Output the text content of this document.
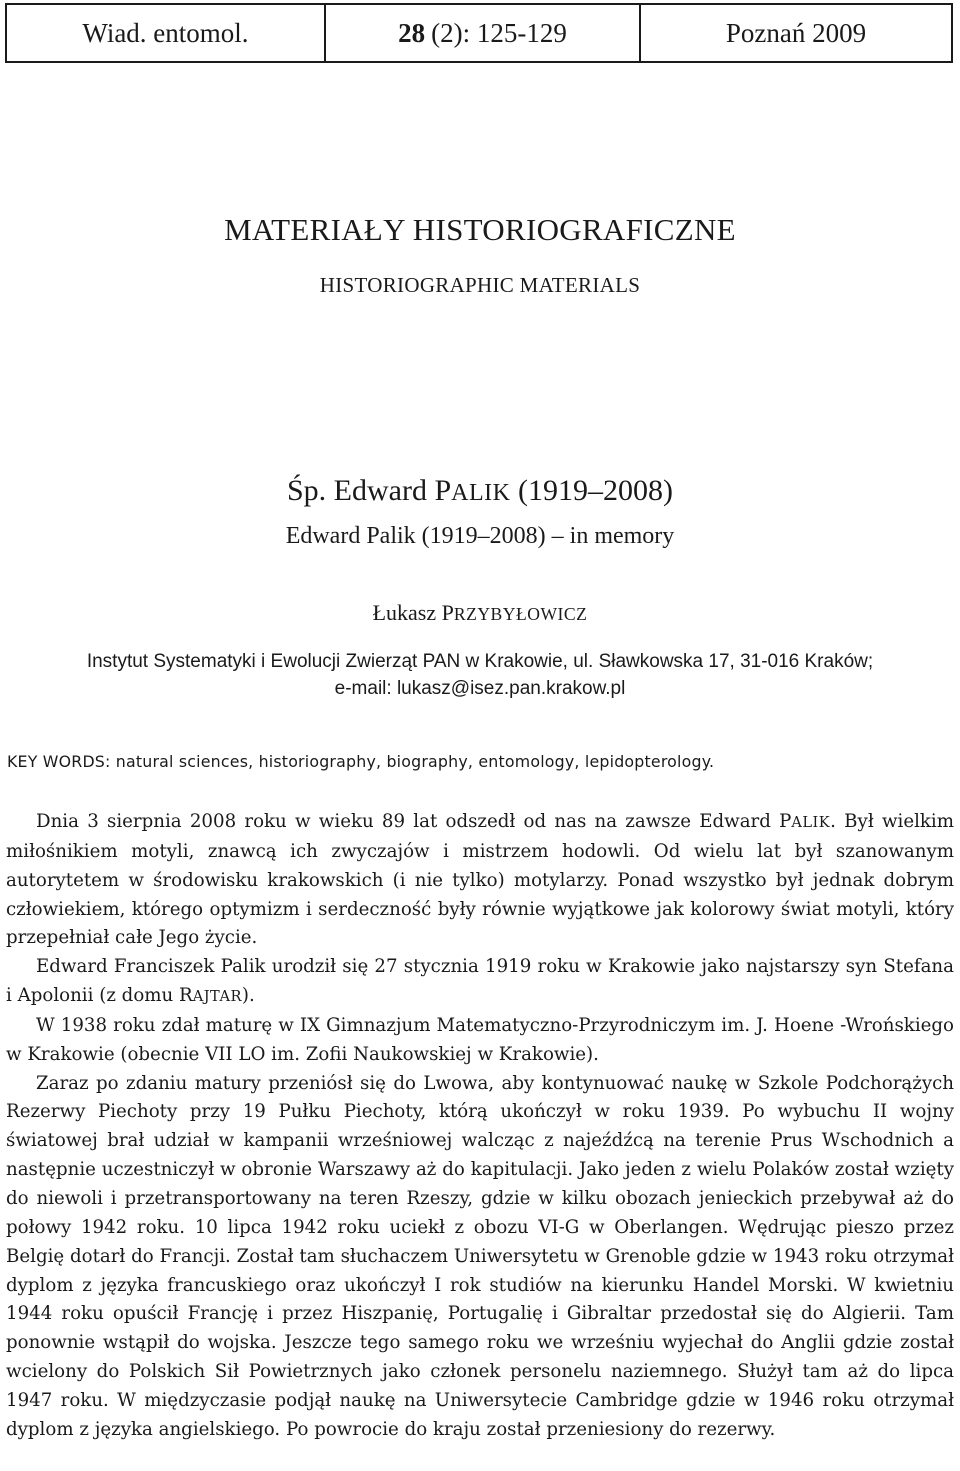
Wiad. entomol.	28 (2): 125-129	Poznań 2009
MATERIAŁY HISTORIOGRAFICZNE
HISTORIOGRAPHIC MATERIALS
Śp. Edward PALIK (1919–2008)
Edward Palik (1919–2008) – in memory
Łukasz PRZYBYŁOWICZ
Instytut Systematyki i Ewolucji Zwierząt PAN w Krakowie, ul. Sławkowska 17, 31-016 Kraków;
e-mail: lukasz@isez.pan.krakow.pl
KEY WORDS: natural sciences, historiography, biography, entomology, lepidopterology.

Dnia 3 sierpnia 2008 roku w wieku 89 lat odszedł od nas na zawsze Edward PALIK. Był wielkim miłośnikiem motyli, znawcą ich zwyczajów i mistrzem hodowli. Od wielu lat był szanowanym autorytetem w środowisku krakowskich (i nie tylko) motylarzy. Ponad wszystko był jednak dobrym człowiekiem, którego optymizm i serdeczność były równie wyjątkowe jak kolorowy świat motyli, który przepełniał całe Jego życie.

Edward Franciszek Palik urodził się 27 stycznia 1919 roku w Krakowie jako najstarszy syn Stefana i Apolonii (z domu RAJTAR).

W 1938 roku zdał maturę w IX Gimnazjum Matematyczno-Przyrodniczym im. J. Hoene -Wrońskiego w Krakowie (obecnie VII LO im. Zofii Naukowskiej w Krakowie).

Zaraz po zdaniu matury przeniósł się do Lwowa, aby kontynuować naukę w Szkole Podchorążych Rezerwy Piechoty przy 19 Pułku Piechoty, którą ukończył w roku 1939. Po wybuchu II wojny światowej brał udział w kampanii wrześniowej walcząc z najeźdźcą na terenie Prus Wschodnich a następnie uczestniczył w obronie Warszawy aż do kapitulacji. Jako jeden z wielu Polaków został wzięty do niewoli i przetransportowany na teren Rzeszy, gdzie w kilku obozach jenieckich przebywał aż do połowy 1942 roku. 10 lipca 1942 roku uciekł z obozu VI-G w Oberlangen. Wędrując pieszo przez Belgię dotarł do Francji. Został tam słuchaczem Uniwersytetu w Grenoble gdzie w 1943 roku otrzymał dyplom z języka francuskiego oraz ukończył I rok studiów na kierunku Handel Morski. W kwietniu 1944 roku opuścił Francję i przez Hiszpanię, Portugalię i Gibraltar przedostał się do Algierii. Tam ponownie wstąpił do wojska. Jeszcze tego samego roku we wrześniu wyjechał do Anglii gdzie został wcielony do Polskich Sił Powietrznych jako członek personelu naziemnego. Służył tam aż do lipca 1947 roku. W międzyczasie podjął naukę na Uniwersytecie Cambridge gdzie w 1946 roku otrzymał dyplom z języka angielskiego. Po powrocie do kraju został przeniesiony do rezerwy.
